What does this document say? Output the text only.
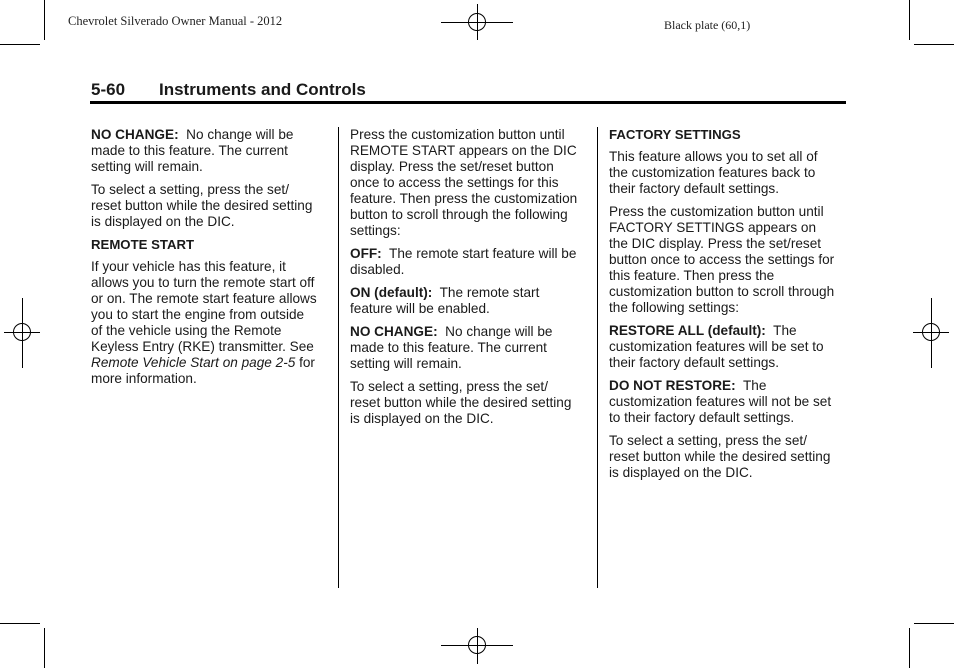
Chevrolet Silverado Owner Manual - 2012	Black plate (60,1)
5-60 Instruments and Controls

NO CHANGE: No change will be made to this feature. The current setting will remain.

To select a setting, press the set/ reset button while the desired setting is displayed on the DIC.

REMOTE START

If your vehicle has this feature, it allows you to turn the remote start off or on. The remote start feature allows you to start the engine from outside of the vehicle using the Remote Keyless Entry (RKE) transmitter. See Remote Vehicle Start on page 2-5 for more information.

Press the customization button until REMOTE START appears on the DIC display. Press the set/reset button once to access the settings for this feature. Then press the customization button to scroll through the following settings:

OFF: The remote start feature will be disabled.

ON (default): The remote start feature will be enabled.

NO CHANGE: No change will be made to this feature. The current setting will remain.

To select a setting, press the set/ reset button while the desired setting is displayed on the DIC.

FACTORY SETTINGS

This feature allows you to set all of the customization features back to their factory default settings.

Press the customization button until FACTORY SETTINGS appears on the DIC display. Press the set/reset button once to access the settings for this feature. Then press the customization button to scroll through the following settings:

RESTORE ALL (default): The customization features will be set to their factory default settings.

DO NOT RESTORE: The customization features will not be set to their factory default settings.

To select a setting, press the set/ reset button while the desired setting is displayed on the DIC.
